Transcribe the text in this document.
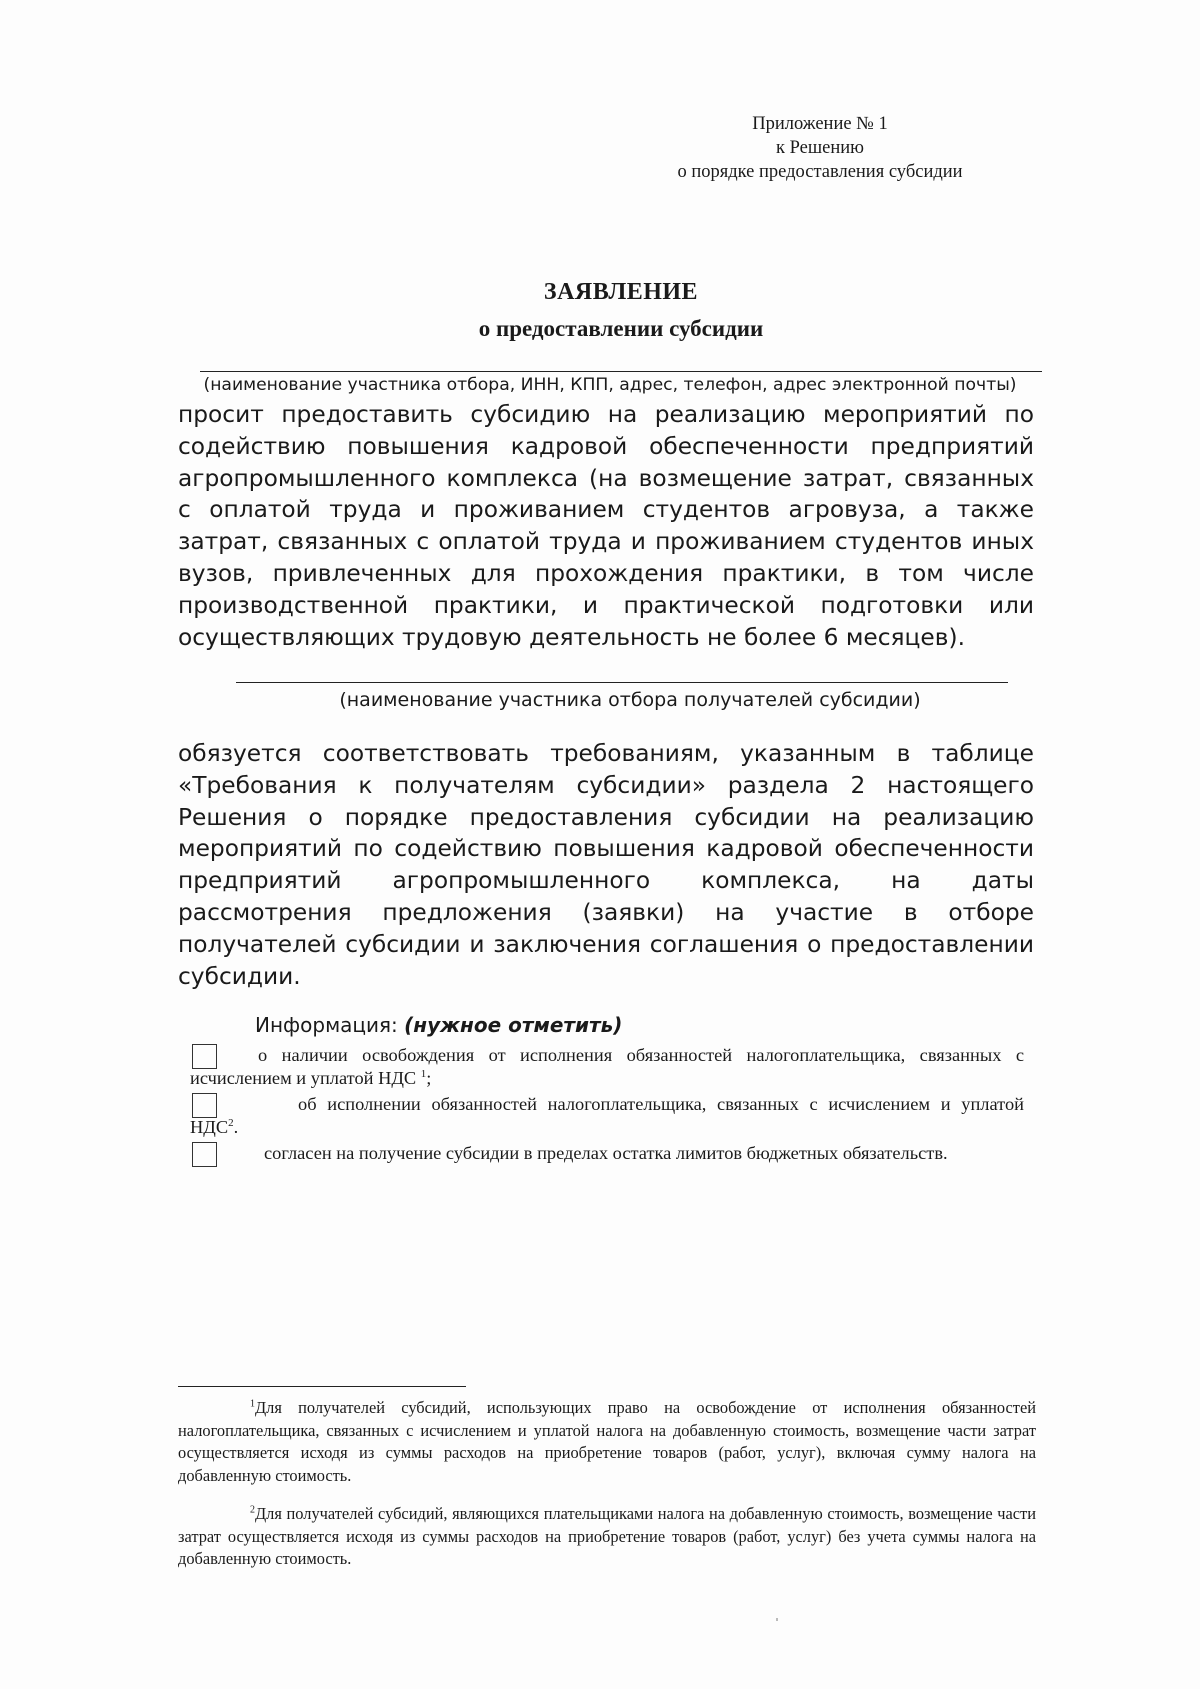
Приложение № 1
к Решению
о порядке предоставления субсидии
ЗАЯВЛЕНИЕ
о предоставлении субсидии
(наименование участника отбора, ИНН, КПП, адрес, телефон, адрес электронной почты)
просит предоставить субсидию на реализацию мероприятий по содействию повышения кадровой обеспеченности предприятий агропромышленного комплекса (на возмещение затрат, связанных с оплатой труда и проживанием студентов агровуза, а также затрат, связанных с оплатой труда и проживанием студентов иных вузов, привлеченных для прохождения практики, в том числе производственной практики, и практической подготовки или осуществляющих трудовую деятельность не более 6 месяцев).
(наименование участника отбора получателей субсидии)
обязуется соответствовать требованиям, указанным в таблице «Требования к получателям субсидии» раздела 2 настоящего Решения о порядке предоставления субсидии на реализацию мероприятий по содействию повышения кадровой обеспеченности предприятий агропромышленного комплекса, на даты рассмотрения предложения (заявки) на участие в отборе получателей субсидии и заключения соглашения о предоставлении субсидии.
Информация: (нужное отметить)
о наличии освобождения от исполнения обязанностей налогоплательщика, связанных с исчислением и уплатой НДС $^1$;
об исполнении обязанностей налогоплательщика, связанных с исчислением и уплатой НДС$^2$.
согласен на получение субсидии в пределах остатка лимитов бюджетных обязательств.
$^1$Для получателей субсидий, использующих право на освобождение от исполнения обязанностей налогоплательщика, связанных с исчислением и уплатой налога на добавленную стоимость, возмещение части затрат осуществляется исходя из суммы расходов на приобретение товаров (работ, услуг), включая сумму налога на добавленную стоимость.
$^2$Для получателей субсидий, являющихся плательщиками налога на добавленную стоимость, возмещение части затрат осуществляется исходя из суммы расходов на приобретение товаров (работ, услуг) без учета суммы налога на добавленную стоимость.
